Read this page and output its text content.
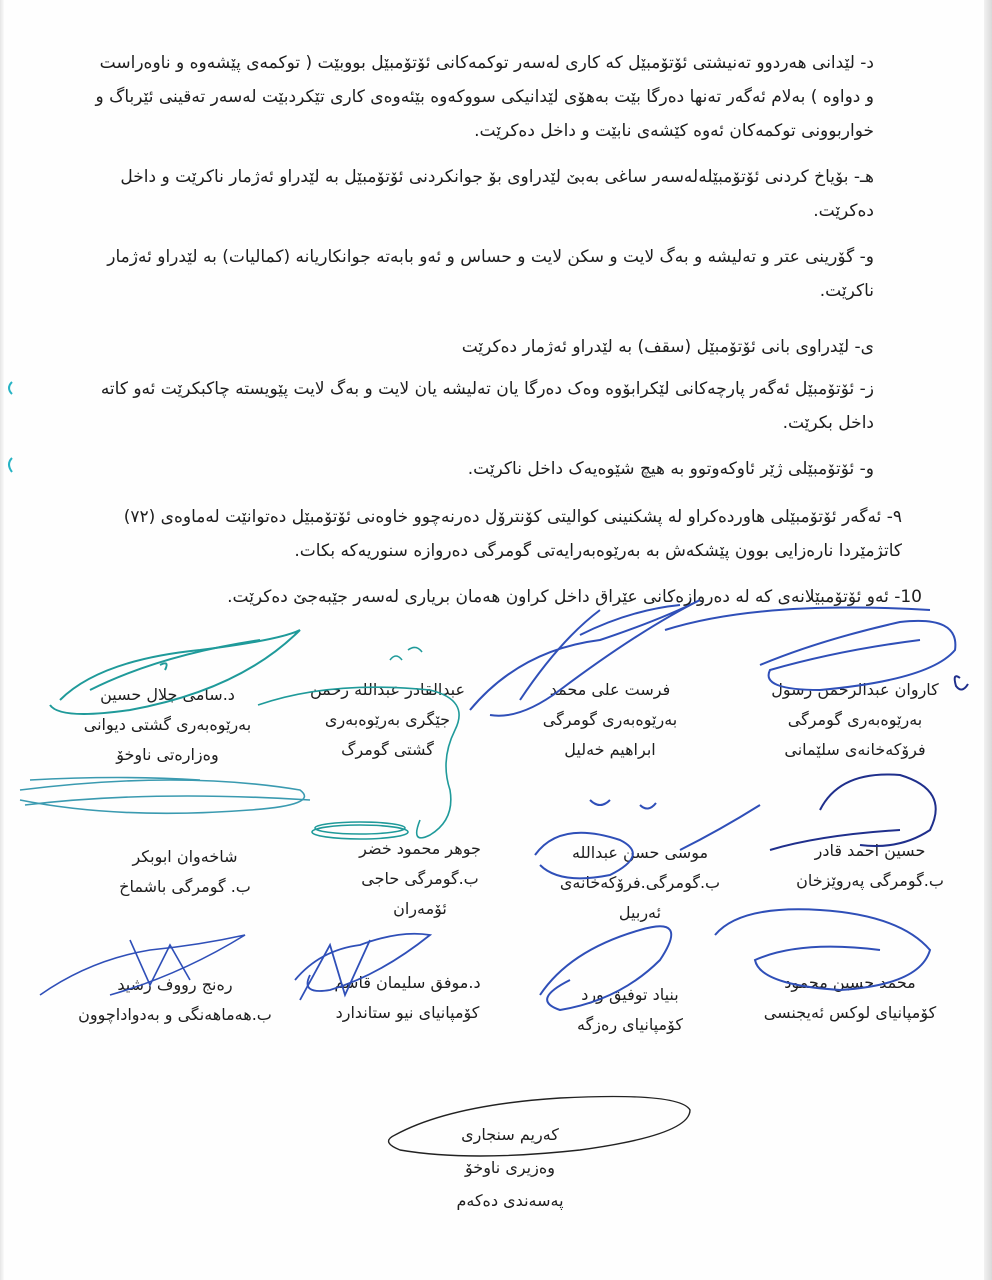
د- لێدانی هەردوو تەنیشتی ئۆتۆمبێل کە کاری لەسەر توکمەکانی ئۆتۆمبێل بووبێت ( توکمەی پێشەوە و ناوەراست و دواوە ) بەلام ئەگەر تەنها دەرگا بێت بەهۆی لێدانیکی سووکەوە بێئەوەی کاری تێکردبێت لەسەر تەقینی ئێرباگ و خواربوونی توکمەکان ئەوە کێشەی نابێت و داخل دەکرێت.

هـ- بۆیاخ کردنی ئۆتۆمبێلەلەسەر ساغی بەبێ لێدراوی بۆ جوانکردنی ئۆتۆمبێل بە لێدراو ئەژمار ناکرێت و داخل دەکرێت.

و- گۆرینی عتر و تەلیشە و بەگ لایت و سکن لایت و حساس و ئەو بابەتە جوانکاریانە (کمالیات) بە لێدراو ئەژمار ناکرێت.

ی- لێدراوی بانی ئۆتۆمبێل (سقف) بە لێدراو ئەژمار دەکرێت

ز- ئۆتۆمبێل ئەگەر پارچەکانی لێکرابۆوە وەک دەرگا یان تەلیشە یان لایت و بەگ لایت پێویستە چاکبکرێت ئەو کاتە داخل بکرێت.

و- ئۆتۆمبێلی ژێر ئاوکەوتوو بە هیچ شێوەیەک داخل ناکرێت.

٩- ئەگەر ئۆتۆمبێلی هاوردەکراو لە پشکنینی کوالیتی کۆنترۆل دەرنەچوو خاوەنی ئۆتۆمبێل دەتوانێت لەماوەی (٧٢) کاتژمێردا نارەزایی بوون پێشکەش بە بەرێوەبەرایەتی گومرگی دەروازە سنوریەکە بکات.

10- ئەو ئۆتۆمبێلانەی کە لە دەروازەکانی عێراق داخل کراون هەمان بریاری لەسەر جێبەجێ دەکرێت.

کاروان عبدالرحمن رسول
بەرێوەبەری گومرگی
فرۆکەخانەی سلێمانی
فرست علی محمد
بەرێوەبەری گومرگی
ابراهیم خەلیل
عبدالقادر عبدالله رحمن
جێگری بەرێوەبەری
گشتی گومرگ
د.سامی جلال حسین
بەرێوەبەری گشتی دیوانی
وەزارەتی ناوخۆ
حسین احمد قادر
ب.گومرگی پەروێزخان
موسی حسن عبدالله
ب.گومرگی.فرۆکەخانەی
ئەربیل
جوهر محمود خضر
ب.گومرگی حاجی
ئۆمەران
شاخەوان ابوبکر
ب. گومرگی باشماخ
محمد حسین محمود
کۆمپانیای لوکس ئەیجنسی
بنیاد توفیق ورد
کۆمپانیای رەزگە
د.موفق سلیمان قاسم
کۆمپانیای نیو ستاندارد
رەنج رووف رشید
ب.هەماهەنگی و بەدواداچوون
کەریم سنجاری
وەزیری ناوخۆ
پەسەندی دەکەم
